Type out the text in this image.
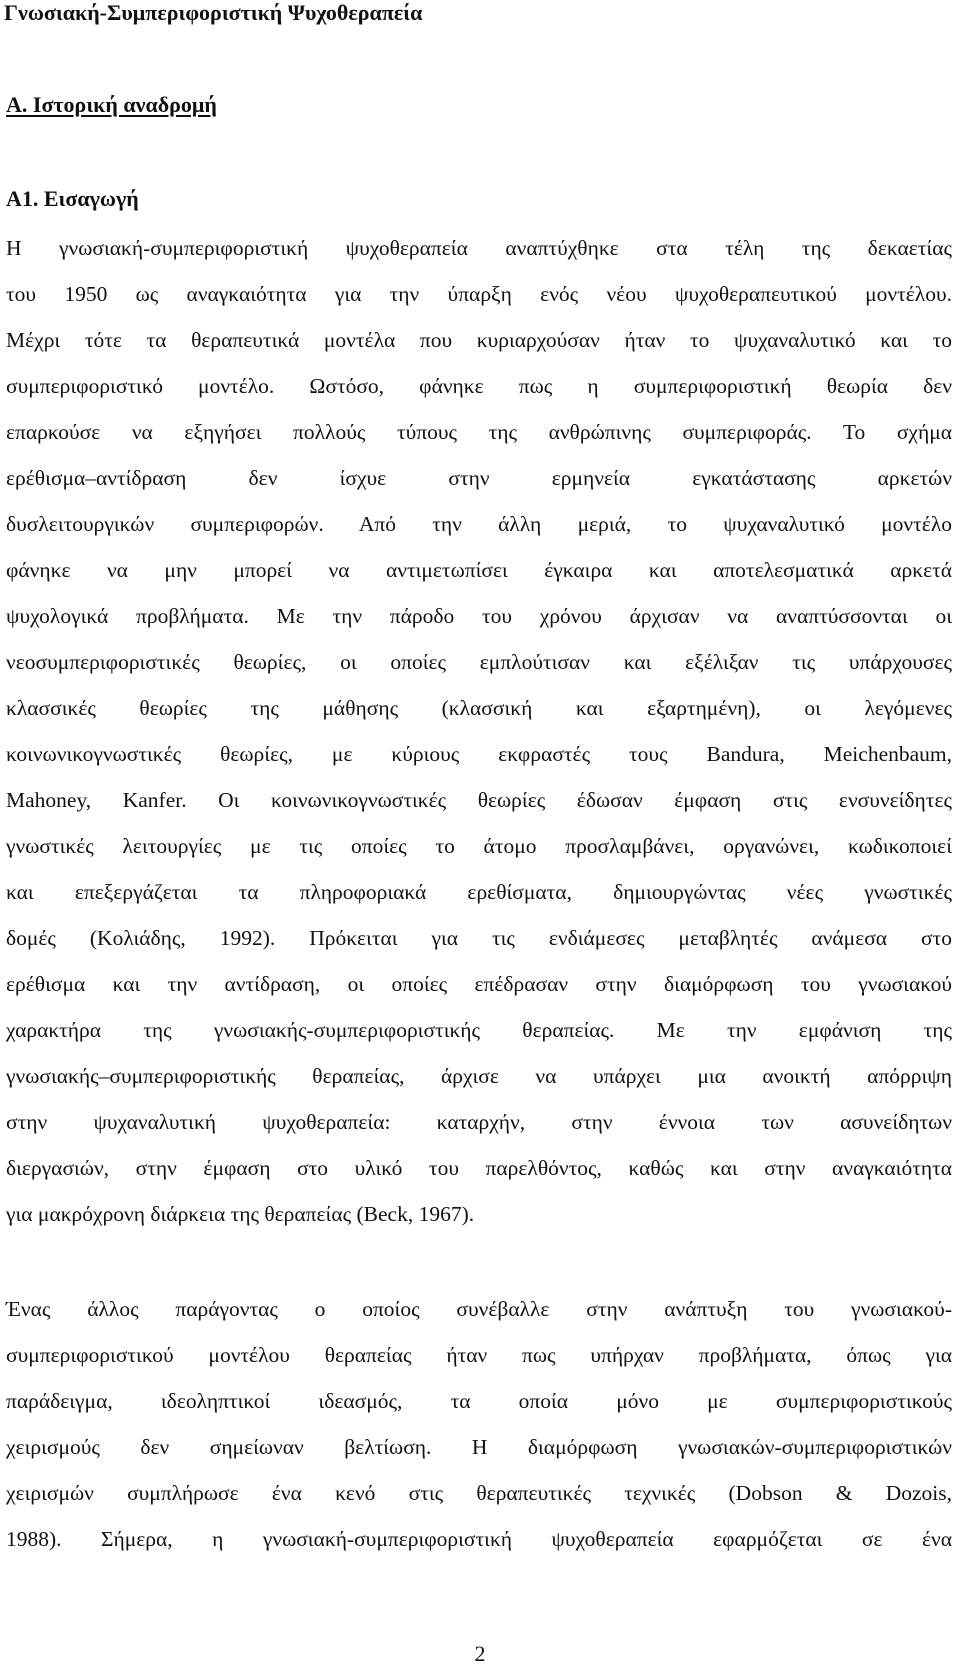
Γνωσιακή-Συμπεριφοριστική Ψυχοθεραπεία
Α. Ιστορική αναδρομή
Α1. Εισαγωγή
Η γνωσιακή-συμπεριφοριστική ψυχοθεραπεία αναπτύχθηκε στα τέλη της δεκαετίας
του 1950 ως αναγκαιότητα για την ύπαρξη ενός νέου ψυχοθεραπευτικού μοντέλου.
Μέχρι τότε τα θεραπευτικά μοντέλα που κυριαρχούσαν ήταν το ψυχαναλυτικό και το
συμπεριφοριστικό μοντέλο. Ωστόσο, φάνηκε πως η συμπεριφοριστική θεωρία δεν
επαρκούσε να εξηγήσει πολλούς τύπους της ανθρώπινης συμπεριφοράς. Το σχήμα
ερέθισμα–αντίδραση δεν ίσχυε στην ερμηνεία εγκατάστασης αρκετών
δυσλειτουργικών συμπεριφορών. Από την άλλη μεριά, το ψυχαναλυτικό μοντέλο
φάνηκε να μην μπορεί να αντιμετωπίσει έγκαιρα και αποτελεσματικά αρκετά
ψυχολογικά προβλήματα. Με την πάροδο του χρόνου άρχισαν να αναπτύσσονται οι
νεοσυμπεριφοριστικές θεωρίες, οι οποίες εμπλούτισαν και εξέλιξαν τις υπάρχουσες
κλασσικές θεωρίες της μάθησης (κλασσική και εξαρτημένη), οι λεγόμενες
κοινωνικογνωστικές θεωρίες, με κύριους εκφραστές τους Bandura, Meichenbaum,
Mahoney, Kanfer. Οι κοινωνικογνωστικές θεωρίες έδωσαν έμφαση στις ενσυνείδητες
γνωστικές λειτουργίες με τις οποίες το άτομο προσλαμβάνει, οργανώνει, κωδικοποιεί
και επεξεργάζεται τα πληροφοριακά ερεθίσματα, δημιουργώντας νέες γνωστικές
δομές (Κολιάδης, 1992). Πρόκειται για τις ενδιάμεσες μεταβλητές ανάμεσα στο
ερέθισμα και την αντίδραση, οι οποίες επέδρασαν στην διαμόρφωση του γνωσιακού
χαρακτήρα της γνωσιακής-συμπεριφοριστικής θεραπείας. Με την εμφάνιση της
γνωσιακής–συμπεριφοριστικής θεραπείας, άρχισε να υπάρχει μια ανοικτή απόρριψη
στην ψυχαναλυτική ψυχοθεραπεία: καταρχήν, στην έννοια των ασυνείδητων
διεργασιών, στην έμφαση στο υλικό του παρελθόντος, καθώς και στην αναγκαιότητα
για μακρόχρονη διάρκεια της θεραπείας (Beck, 1967).
Ένας άλλος παράγοντας ο οποίος συνέβαλλε στην ανάπτυξη του γνωσιακού-
συμπεριφοριστικού μοντέλου θεραπείας ήταν πως υπήρχαν προβλήματα, όπως για
παράδειγμα, ιδεοληπτικοί ιδεασμός, τα οποία μόνο με συμπεριφοριστικούς
χειρισμούς δεν σημείωναν βελτίωση. Η διαμόρφωση γνωσιακών-συμπεριφοριστικών
χειρισμών συμπλήρωσε ένα κενό στις θεραπευτικές τεχνικές (Dobson & Dozois,
1988). Σήμερα, η γνωσιακή-συμπεριφοριστική ψυχοθεραπεία εφαρμόζεται σε ένα
2
